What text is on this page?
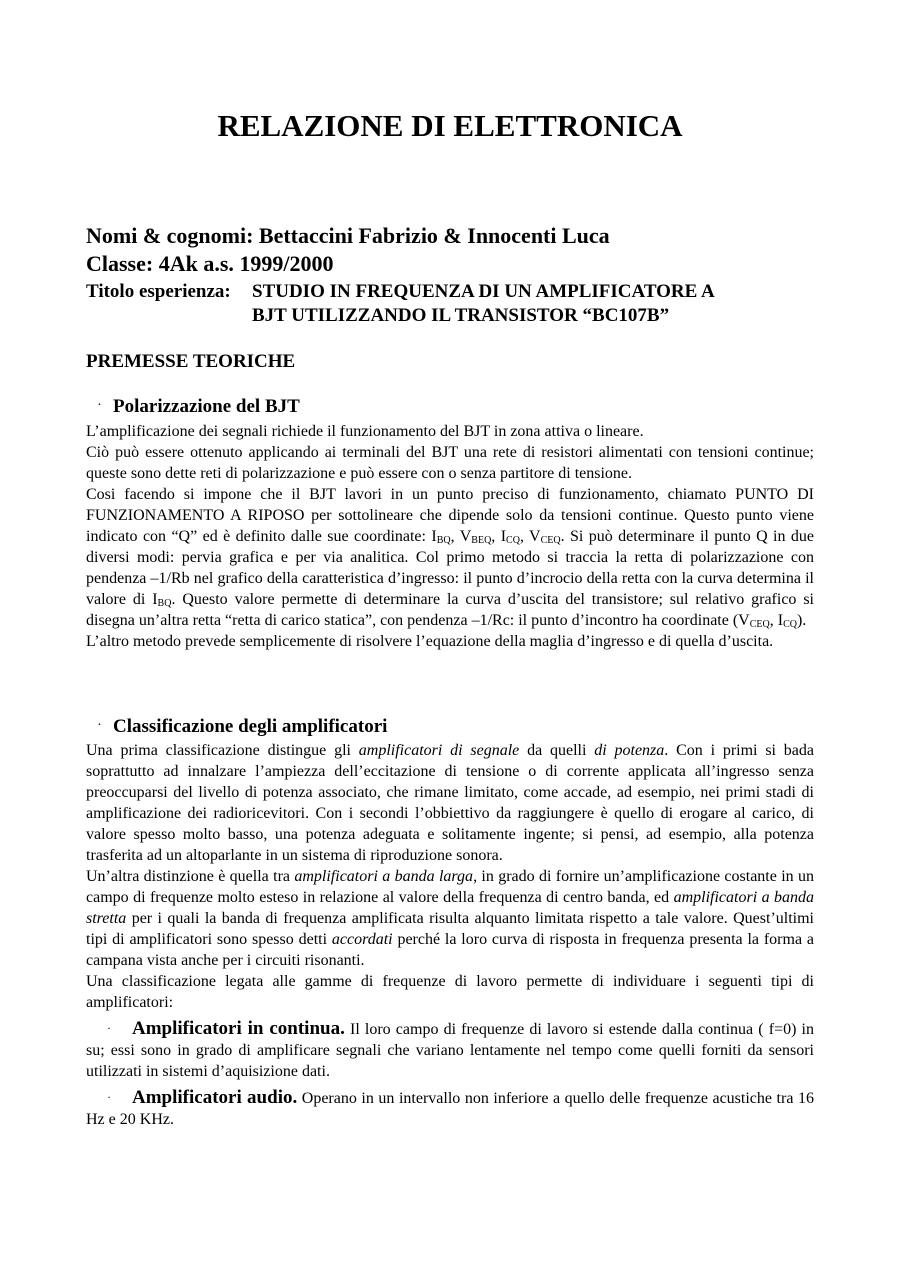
RELAZIONE DI ELETTRONICA

Nomi & cognomi: Bettaccini Fabrizio & Innocenti Luca

Classe: 4Ak a.s. 1999/2000

Titolo esperienza: STUDIO IN FREQUENZA DI UN AMPLIFICATORE A
BJT UTILIZZANDO IL TRANSISTOR “BC107B”

PREMESSE TEORICHE
· Polarizzazione del BJT

L’amplificazione dei segnali richiede il funzionamento del BJT in zona attiva o lineare.

Ciò può essere ottenuto applicando ai terminali del BJT una rete di resistori alimentati con tensioni continue; queste sono dette reti di polarizzazione e può essere con o senza partitore di tensione.

Cosi facendo si impone che il BJT lavori in un punto preciso di funzionamento, chiamato PUNTO DI FUNZIONAMENTO A RIPOSO per sottolineare che dipende solo da tensioni continue. Questo punto viene indicato con “Q” ed è definito dalle sue coordinate: $I_{BQ}$, $V_{BEQ}$, $I_{CQ}$, $V_{CEQ}$. Si può determinare il punto Q in due diversi modi: pervia grafica e per via analitica. Col primo metodo si traccia la retta di polarizzazione con pendenza –1/Rb nel grafico della caratteristica d’ingresso: il punto d’incrocio della retta con la curva determina il valore di $I_{BQ}$. Questo valore permette di determinare la curva d’uscita del transistore; sul relativo grafico si disegna un’altra retta “retta di carico statica”, con pendenza –1/Rc: il punto d’incontro ha coordinate ($V_{CEQ}$, $I_{CQ}$).

L’altro metodo prevede semplicemente di risolvere l’equazione della maglia d’ingresso e di quella d’uscita.

· Classificazione degli amplificatori

Una prima classificazione distingue gli amplificatori di segnale da quelli di potenza. Con i primi si bada soprattutto ad innalzare l’ampiezza dell’eccitazione di tensione o di corrente applicata all’ingresso senza preoccuparsi del livello di potenza associato, che rimane limitato, come accade, ad esempio, nei primi stadi di amplificazione dei radioricevitori. Con i secondi l’obbiettivo da raggiungere è quello di erogare al carico, di valore spesso molto basso, una potenza adeguata e solitamente ingente; si pensi, ad esempio, alla potenza trasferita ad un altoparlante in un sistema di riproduzione sonora.

Un’altra distinzione è quella tra amplificatori a banda larga, in grado di fornire un’amplificazione costante in un campo di frequenze molto esteso in relazione al valore della frequenza di centro banda, ed amplificatori a banda stretta per i quali la banda di frequenza amplificata risulta alquanto limitata rispetto a tale valore. Quest’ultimi tipi di amplificatori sono spesso detti accordati perché la loro curva di risposta in frequenza presenta la forma a campana vista anche per i circuiti risonanti.

Una classificazione legata alle gamme di frequenze di lavoro permette di individuare i seguenti tipi di amplificatori:

· Amplificatori in continua. Il loro campo di frequenze di lavoro si estende dalla continua ( f=0) in su; essi sono in grado di amplificare segnali che variano lentamente nel tempo come quelli forniti da sensori utilizzati in sistemi d’aquisizione dati.

· Amplificatori audio. Operano in un intervallo non inferiore a quello delle frequenze acustiche tra 16 Hz e 20 KHz.
